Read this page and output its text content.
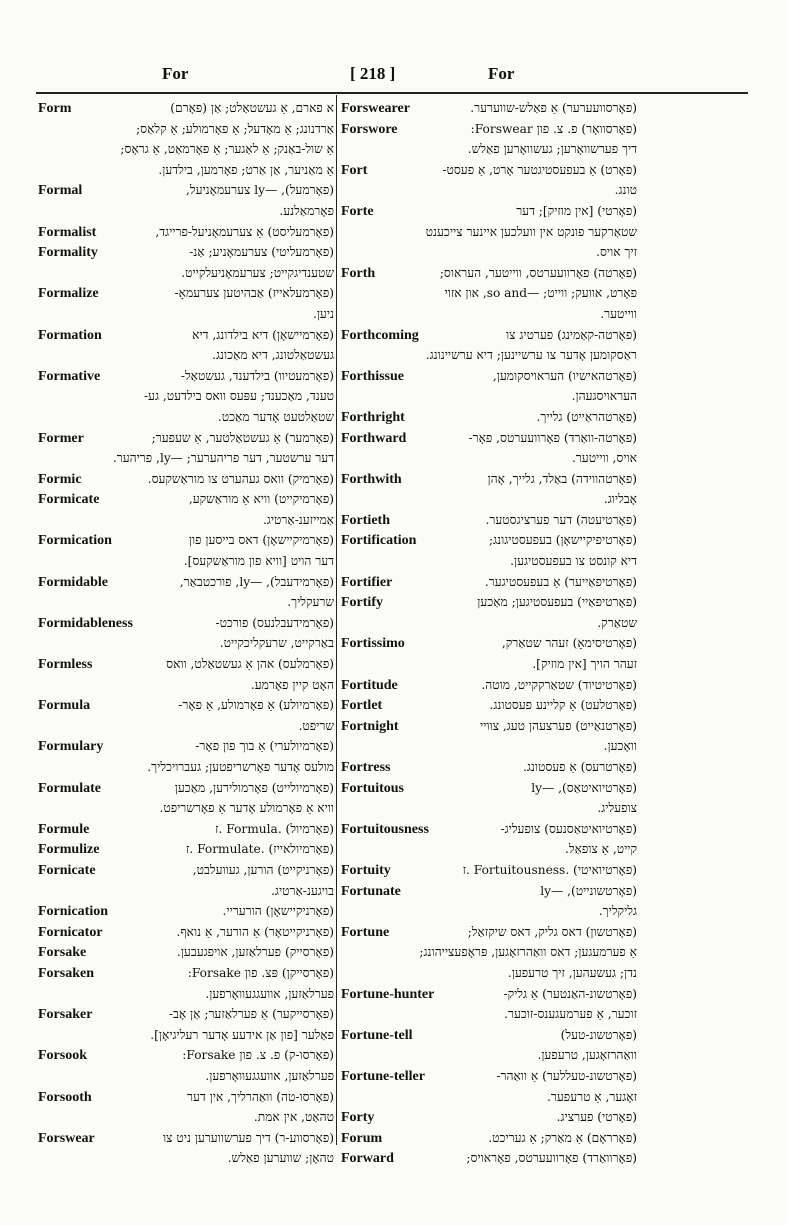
For	[ 218 ]	For
Form	א פארם, אַ געשטאַלט; אַן (פאָרם)
אַרדנונג; אַ מאָדעל; אַ פאָרמולע; אַ קלאַס;
אַ שול-באַנק; אַ לאַגער; אַ פאָרמאַט, אַ גראָס;
אַ מאַניער, אַן אַרט; פאָרמען, בילדען.
Formal	(פאָרמעל), —ly צערעמאָניעל,
פאָרמאַלנע.
Formalist	(פאָרמעליסט) אַ צערעמאָניעל-פרייגד,
Formality	(פאָרמעליטי) צערעמאָניע; אַנ-
שטענדיגקייט; צערעמאָניעלקייט.
Formalize	(פאָרמעלאייז) אַבהיטען צערעמאָ-
ניען.
Formation	(פאָרמיישאָן) דיא בילדונג, דיא
געשטאַלטונג, דיא מאַכונג.
Formative	(פאָרמעטיוו) בילדענד, געשטאַל-
טענד, מאַכענד; עפּעס וואס בילדעט, גע-
שטאַלטעט אָדער מאַכט.
Former	(פאָרמער) אַ געשטאַלטער, אַ שעפער;
דער ערשטער, דער פריהערער; —ly, פריהער.
Formic	(פאָרמיק) וואס געהערט צו מוראַשקעס.
Formicate	(פאָרמיקייט) וויא אַ מוראַשקע,
אַמייזענ-אַרטיג.
Formication	(פאָרמיקיישאָן) דאס בייסען פון
דער הויט [וויא פון מוראַשקעס].
Formidable	(פאָרמידעבל), —ly, פורכטבאַר,
שרעקליך.
Formidableness	(פאָרמידעבלנעס) פורכט-
באַרקייט, שרעקליכקייט.
Formless	(פאָרמלעס) אהן אַ געשטאַלט, וואס
האָט קיין פאָרמע.
Formula	(פאָרמיולע) אַ פאָרמולע, אַ פאָר-
שריפט.
Formulary	(פאָרמיולערי) אַ בוך פון פאָר-
מולעס אָדער פאָרשריפטען; געברויכליך.
Formulate	(פאָרמיולייט) פאָרמולירען, מאַכען
וויא אַ פאָרמולע אָדער אַ פאָרשריפט.
Formule	(פאָרמיול) .Formula .ז
Formulize	(פאָרמיולאייז) .Formulate .ז
Fornicate	(פאָרניקייט) הורען, געוועלבט,
בויגענ-אַרטיג.
Fornication	(פאָרניקיישאָן) הורעריי.
Fornicator	(פאָרניקייטאָר) אַ הורער, אַ נואף.
Forsake	(פאָרסייק) פערלאַזען, אויפגעבען.
Forsaken	(פאָרסייקן) פּצ. פון Forsake:
פערלאַזען, אוועגגעוואָרפען.
Forsaker	(פאָרסייקער) אַ פערלאַזער; אַן אָב-
פאַלער [פון אַן אידעע אָדער רעליגיאָן].
Forsook	(פאָרסו-ק) פ. צ. פון Forsake:
פערלאַזען, אוועגגעוואָרפען.
Forsooth	(פאָרסו-טה) וואַהרליך, אין דער
טהאַט, אין אמת.
Forswear	(פאָרסווע-ר) דיך פערשווערען ניט צו
טהאָן; שווערען פאַלש.
Forswearer	(פאָרסוועערער) אַ פאַלש-שווערער.
Forswore	(פאָרסוואָר) פ. צ. פון Forswear:
דיך פערשוואָרען; געשוואָרען פאַלש.
Fort	(פאָרט) אַ בעפעסטיגטער אָרט, אַ פעסט-
טונג.
Forte	(פאָרטי) [אין מוזיק]; דער
שטאַרקער פונקט אין וועלכען איינער צייכענט
זיך אויס.
Forth	(פאָרטה) פאָרוועערטס, ווייטער, העראוס;
פאָרט, אוועק; ווייט; —so and, און אזוי
ווייטער.
Forthcoming	(פאָרטה-קאַמינג) פערטיג צו
ראַסקומען אָדער צו ערשיינען; דיא ערשיינונג.
Forthissue	(פאָרטהאישיו) העראויסקומען,
העראויסגעהן.
Forthright	(פאָרטהראַייט) גלייך.
Forthward	(פאָרטה-וואַרד) פאָרוועערטס, פאָר-
אויס, ווייטער.
Forthwith	(פאָרטהווידה) באַלד, גלייך, אָהן
אָבליוג.
Fortieth	(פאָרטיעטה) דער פערציגסטער.
Fortification	(פאָרטיפיקיישאָן) בעפעסטיגונג;
דיא קונסט צו בעפעסטיגען.
Fortifier	(פאָרטיפאַייער) אַ בעפעסטיגער.
Fortify	(פאָרטיפאַיי) בעפעסטיגען; מאַכען
שטאַרק.
Fortissimo	(פאָרטיסימאָ) זעהר שטאַרק,
זעהר הויך [אין מוזיק].
Fortitude	(פאָרטיטיוד) שטאַרקקייט, מוטה.
Fortlet	(פאָרטלעט) אַ קליינע פעסטונג.
Fortnight	(פאָרטנאַייט) פערצעהן טעג, צוויי
וואָכען.
Fortress	(פאָרטרעס) אַ פעסטונג.
Fortuitous	(פאָרטיואיטאַס), —ly
צופעליג.
Fortuitousness	(פאָרטיואיטאַסנעס) צופעליג-
קייט, אַ צופאַל.
Fortuity	(פאָרטיואיטי) .Fortuitousness .ז
Fortunate	(פאָרטשונייט), —ly
גליקליך.
Fortune	(פאָרטשון) דאס גליק, דאס שיקזאַל;
אַ פערמעגען; דאס וואַהרזאָגען, פּראָפעצייהונג;
נדן; געשעהען, זיך טרעפען.
Fortune-hunter	(פאָרטשונ-האַנטער) אַ גליק-
זוכער, אַ פערמעגענס-זוכער.
Fortune-tell	(פאָרטשונ-טעל)
וואַהרזאָגען, טרעפען.
Fortune-teller	(פאָרטשונ-טעללער) אַ וואַהר-
זאָגער, אַ טרעפער.
Forty	(פאָרטי) פערציג.
Forum	(פאָרראָם) אַ מאַרק; אַ געריכט.
Forward	(פאָרוואַרד) פאָרוועערטס, פאָראויס;
